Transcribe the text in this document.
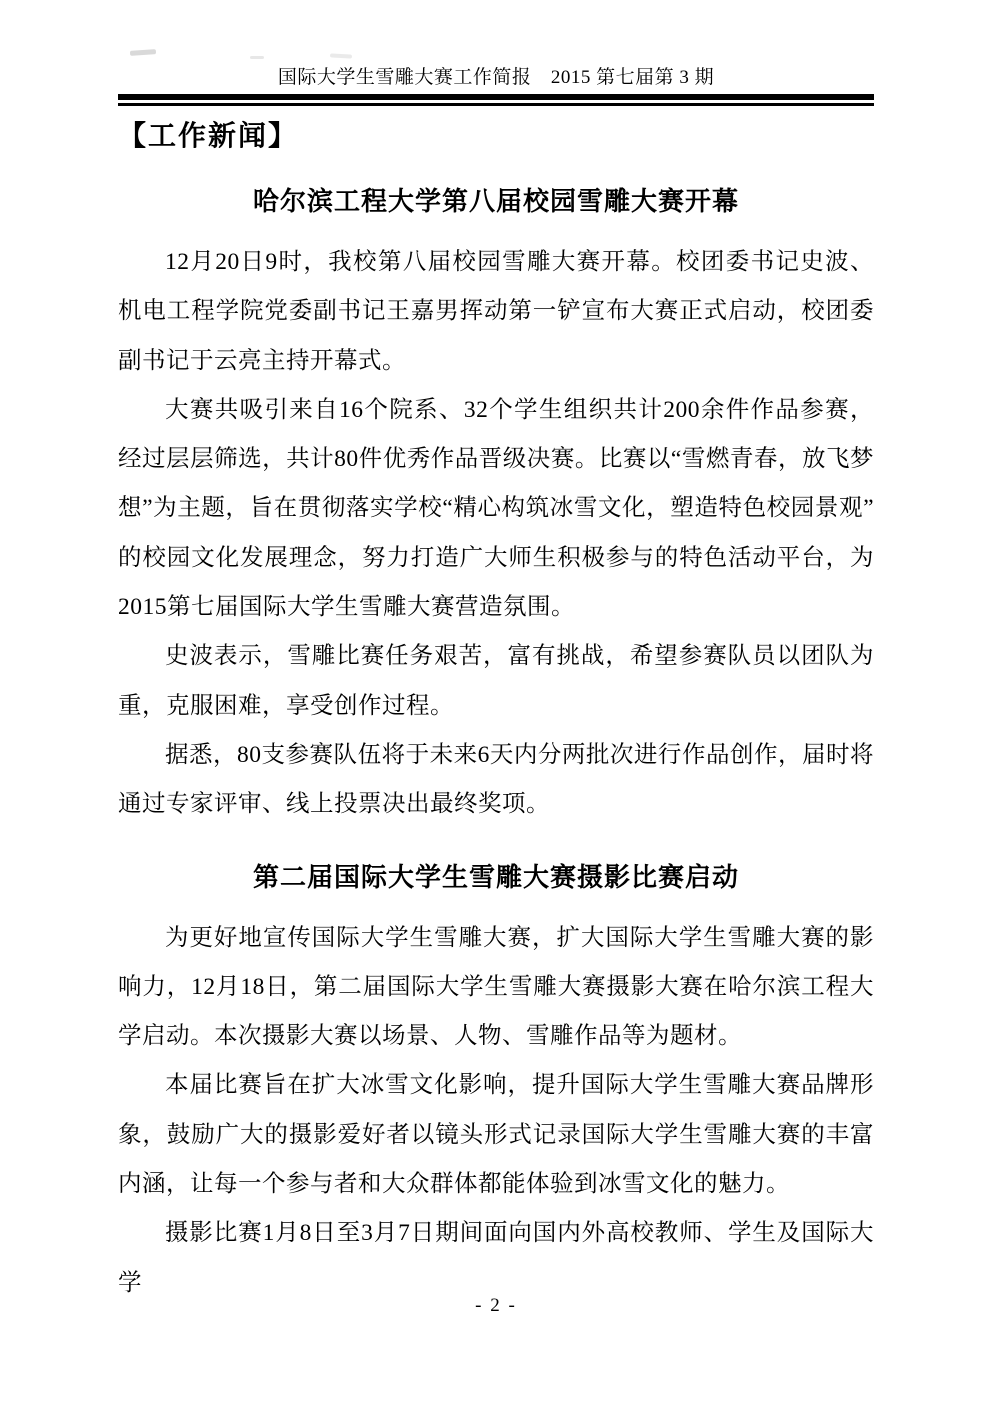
国际大学生雪雕大赛工作简报　2015 第七届第 3 期
【工作新闻】
哈尔滨工程大学第八届校园雪雕大赛开幕

12月20日9时，我校第八届校园雪雕大赛开幕。校团委书记史波、机电工程学院党委副书记王嘉男挥动第一铲宣布大赛正式启动，校团委副书记于云亮主持开幕式。

大赛共吸引来自16个院系、32个学生组织共计200余件作品参赛，经过层层筛选，共计80件优秀作品晋级决赛。比赛以“雪燃青春，放飞梦想”为主题，旨在贯彻落实学校“精心构筑冰雪文化，塑造特色校园景观”的校园文化发展理念，努力打造广大师生积极参与的特色活动平台，为2015第七届国际大学生雪雕大赛营造氛围。

史波表示，雪雕比赛任务艰苦，富有挑战，希望参赛队员以团队为重，克服困难，享受创作过程。

据悉，80支参赛队伍将于未来6天内分两批次进行作品创作，届时将通过专家评审、线上投票决出最终奖项。

第二届国际大学生雪雕大赛摄影比赛启动

为更好地宣传国际大学生雪雕大赛，扩大国际大学生雪雕大赛的影响力，12月18日，第二届国际大学生雪雕大赛摄影大赛在哈尔滨工程大学启动。本次摄影大赛以场景、人物、雪雕作品等为题材。

本届比赛旨在扩大冰雪文化影响，提升国际大学生雪雕大赛品牌形象，鼓励广大的摄影爱好者以镜头形式记录国际大学生雪雕大赛的丰富内涵，让每一个参与者和大众群体都能体验到冰雪文化的魅力。

摄影比赛1月8日至3月7日期间面向国内外高校教师、学生及国际大学

- 2 -
